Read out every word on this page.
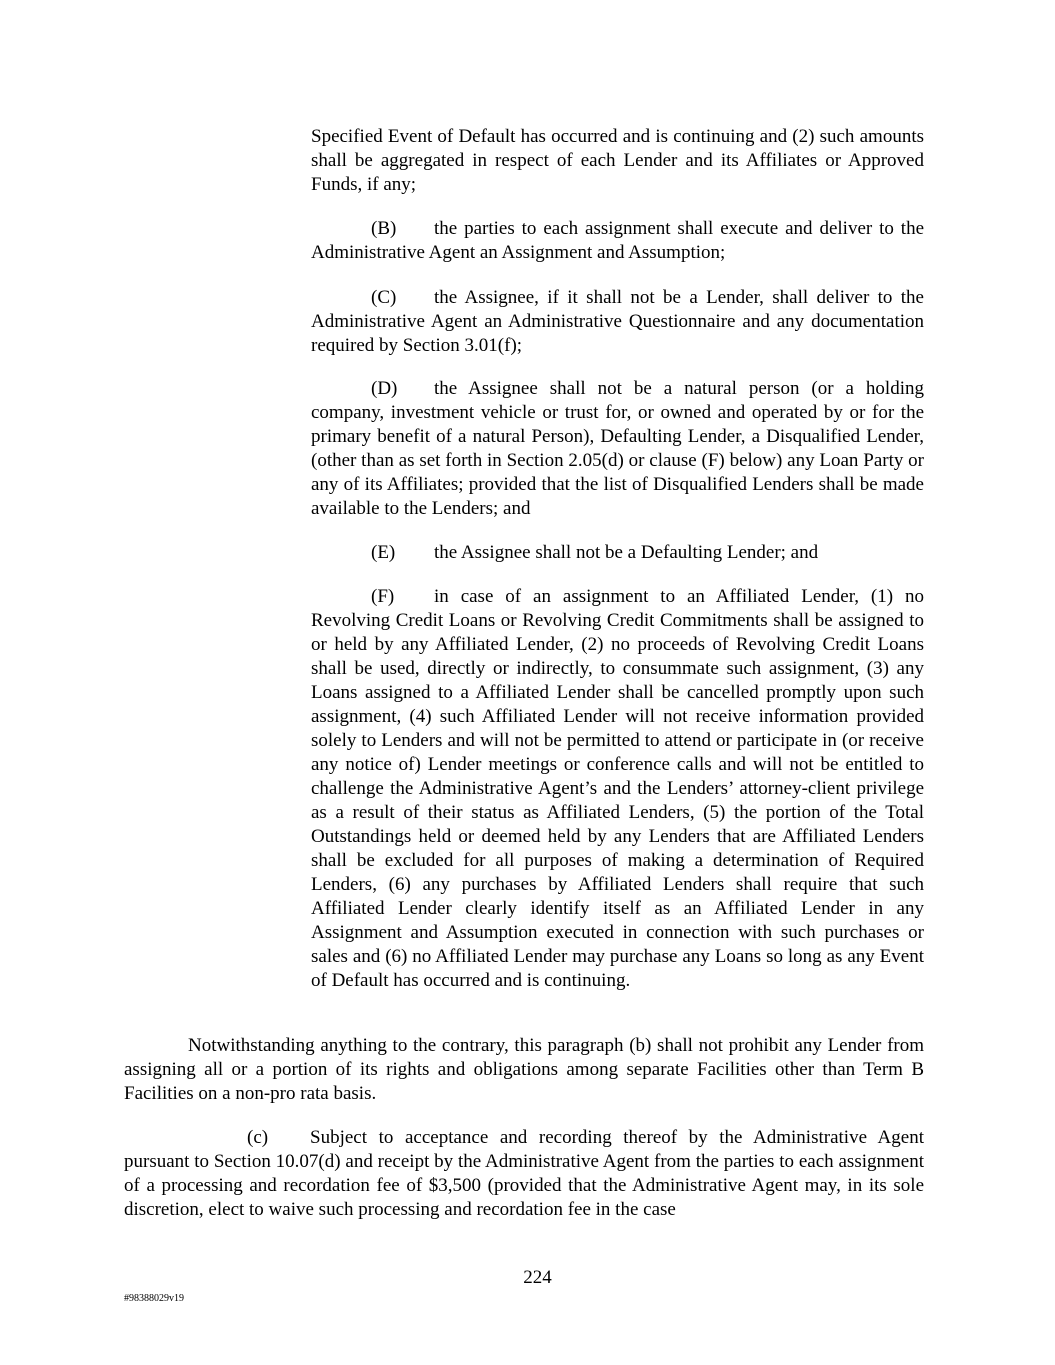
Specified Event of Default has occurred and is continuing and (2) such amounts shall be aggregated in respect of each Lender and its Affiliates or Approved Funds, if any;

(B) the parties to each assignment shall execute and deliver to the Administrative Agent an Assignment and Assumption;

(C) the Assignee, if it shall not be a Lender, shall deliver to the Administrative Agent an Administrative Questionnaire and any documentation required by Section 3.01(f);

(D) the Assignee shall not be a natural person (or a holding company, investment vehicle or trust for, or owned and operated by or for the primary benefit of a natural Person), Defaulting Lender, a Disqualified Lender, (other than as set forth in Section 2.05(d) or clause (F) below) any Loan Party or any of its Affiliates; provided that the list of Disqualified Lenders shall be made available to the Lenders; and

(E) the Assignee shall not be a Defaulting Lender; and

(F) in case of an assignment to an Affiliated Lender, (1) no Revolving Credit Loans or Revolving Credit Commitments shall be assigned to or held by any Affiliated Lender, (2) no proceeds of Revolving Credit Loans shall be used, directly or indirectly, to consummate such assignment, (3) any Loans assigned to a Affiliated Lender shall be cancelled promptly upon such assignment, (4) such Affiliated Lender will not receive information provided solely to Lenders and will not be permitted to attend or participate in (or receive any notice of) Lender meetings or conference calls and will not be entitled to challenge the Administrative Agent’s and the Lenders’ attorney-client privilege as a result of their status as Affiliated Lenders, (5) the portion of the Total Outstandings held or deemed held by any Lenders that are Affiliated Lenders shall be excluded for all purposes of making a determination of Required Lenders, (6) any purchases by Affiliated Lenders shall require that such Affiliated Lender clearly identify itself as an Affiliated Lender in any Assignment and Assumption executed in connection with such purchases or sales and (6) no Affiliated Lender may purchase any Loans so long as any Event of Default has occurred and is continuing.

Notwithstanding anything to the contrary, this paragraph (b) shall not prohibit any Lender from assigning all or a portion of its rights and obligations among separate Facilities other than Term B Facilities on a non-pro rata basis.

(c) Subject to acceptance and recording thereof by the Administrative Agent pursuant to Section 10.07(d) and receipt by the Administrative Agent from the parties to each assignment of a processing and recordation fee of $3,500 (provided that the Administrative Agent may, in its sole discretion, elect to waive such processing and recordation fee in the case

224
#98388029v19
